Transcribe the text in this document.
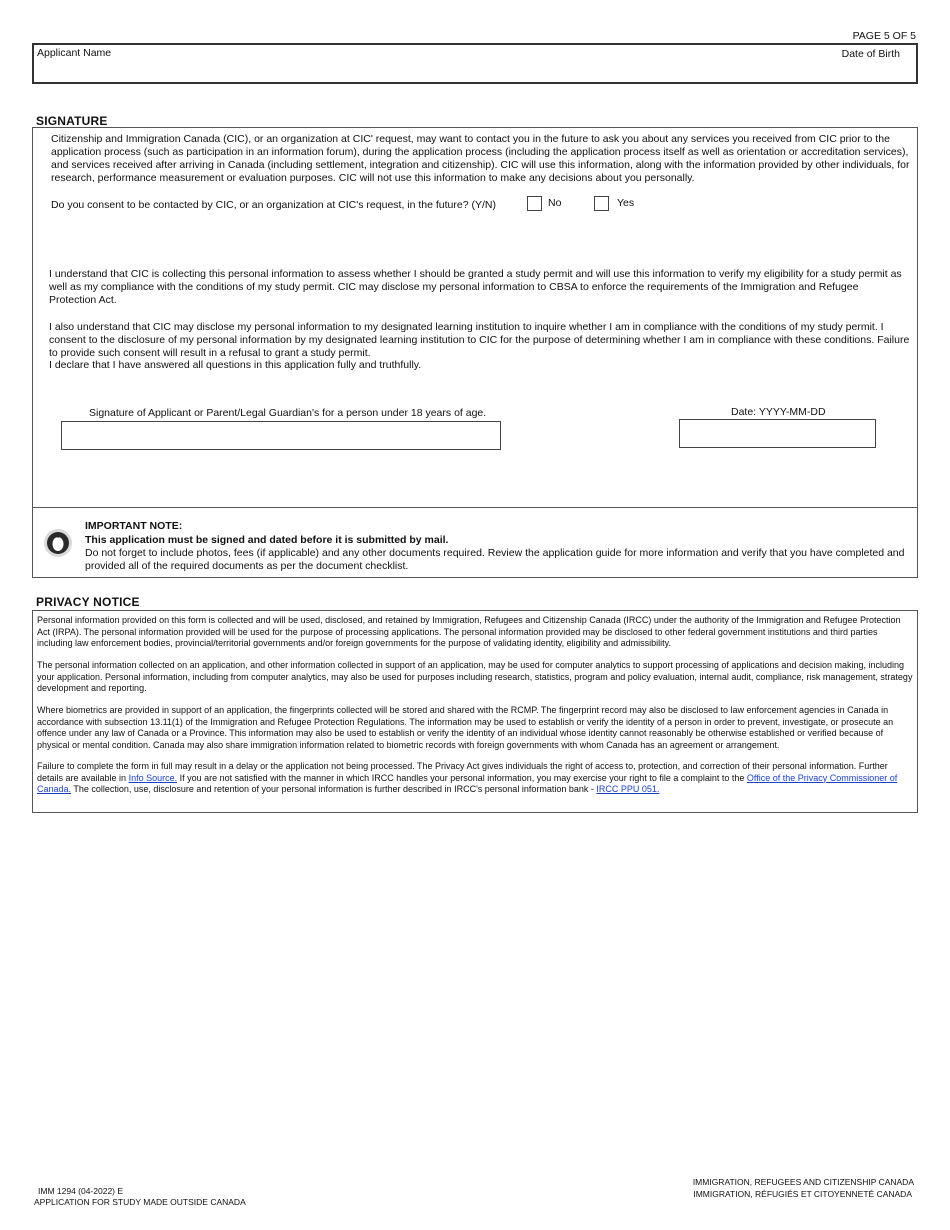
PAGE 5 OF 5
Applicant Name	Date of Birth
SIGNATURE

Citizenship and Immigration Canada (CIC), or an organization at CIC' request, may want to contact you in the future to ask you about any services you received from CIC prior to the application process (such as participation in an information forum), during the application process (including the application process itself as well as orientation or accreditation services), and services received after arriving in Canada (including settlement, integration and citizenship). CIC will use this information, along with the information provided by other individuals, for research, performance measurement or evaluation purposes. CIC will not use this information to make any decisions about you personally.

Do you consent to be contacted by CIC, or an organization at CIC's request, in the future? (Y/N)	No	Yes

I understand that CIC is collecting this personal information to assess whether I should be granted a study permit and will use this information to verify my eligibility for a study permit as well as my compliance with the conditions of my study permit. CIC may disclose my personal information to CBSA to enforce the requirements of the Immigration and Refugee Protection Act.

I also understand that CIC may disclose my personal information to my designated learning institution to inquire whether I am in compliance with the conditions of my study permit. I consent to the disclosure of my personal information by my designated learning institution to CIC for the purpose of determining whether I am in compliance with these conditions. Failure to provide such consent will result in a refusal to grant a study permit.

I declare that I have answered all questions in this application fully and truthfully.

Signature of Applicant or Parent/Legal Guardian's for a person under 18 years of age.	Date: YYYY-MM-DD
IMPORTANT NOTE:
This application must be signed and dated before it is submitted by mail.

Do not forget to include photos, fees (if applicable) and any other documents required. Review the application guide for more information and verify that you have completed and provided all of the required documents as per the document checklist.

PRIVACY NOTICE

Personal information provided on this form is collected and will be used, disclosed, and retained by Immigration, Refugees and Citizenship Canada (IRCC) under the authority of the Immigration and Refugee Protection Act (IRPA). The personal information provided will be used for the purpose of processing applications. The personal information provided may be disclosed to other federal government institutions and third parties including law enforcement bodies, provincial/territorial governments and/or foreign governments for the purpose of validating identity, eligibility and admissibility.

The personal information collected on an application, and other information collected in support of an application, may be used for computer analytics to support processing of applications and decision making, including your application. Personal information, including from computer analytics, may also be used for purposes including research, statistics, program and policy evaluation, internal audit, compliance, risk management, strategy development and reporting.

Where biometrics are provided in support of an application, the fingerprints collected will be stored and shared with the RCMP. The fingerprint record may also be disclosed to law enforcement agencies in Canada in accordance with subsection 13.11(1) of the Immigration and Refugee Protection Regulations. The information may be used to establish or verify the identity of a person in order to prevent, investigate, or prosecute an offence under any law of Canada or a Province. This information may also be used to establish or verify the identity of an individual whose identity cannot reasonably be otherwise established or verified because of physical or mental condition. Canada may also share immigration information related to biometric records with foreign governments with whom Canada has an agreement or arrangement.

Failure to complete the form in full may result in a delay or the application not being processed. The Privacy Act gives individuals the right of access to, protection, and correction of their personal information. Further details are available in Info Source. If you are not satisfied with the manner in which IRCC handles your personal information, you may exercise your right to file a complaint to the Office of the Privacy Commissioner of Canada. The collection, use, disclosure and retention of your personal information is further described in IRCC's personal information bank - IRCC PPU 051.

IMM 1294 (04-2022) E
APPLICATION FOR STUDY MADE OUTSIDE CANADA
IMMIGRATION, REFUGEES AND CITIZENSHIP CANADA
IMMIGRATION, RÉFUGIÉS ET CITOYENNETÉ CANADA
